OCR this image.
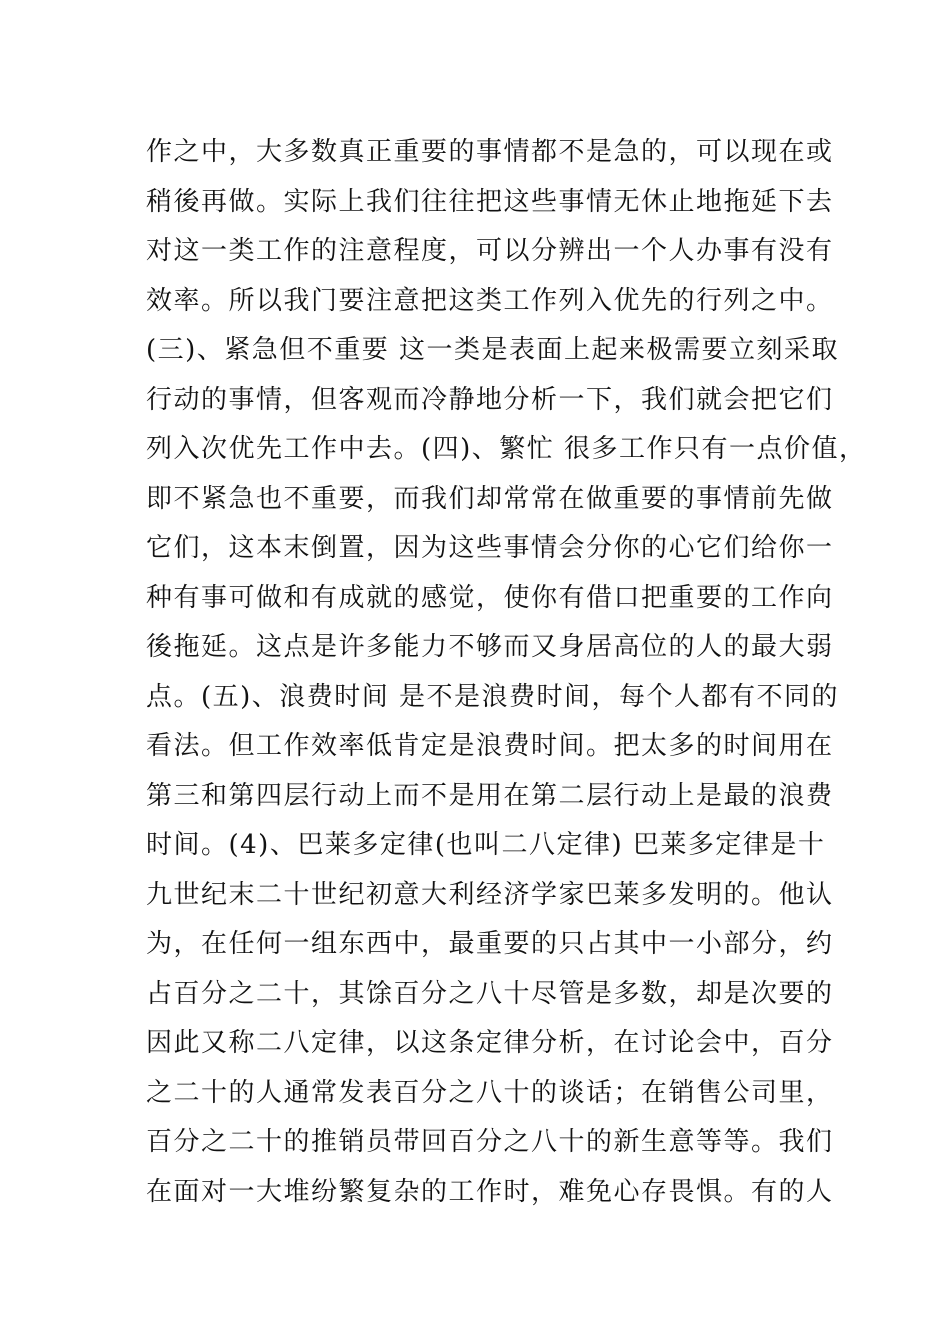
作之中，大多数真正重要的事情都不是急的，可以现在或
稍後再做。实际上我们往往把这些事情无休止地拖延下去
对这一类工作的注意程度，可以分辨出一个人办事有没有
效率。所以我门要注意把这类工作列入优先的行列之中。
(三)、紧急但不重要 这一类是表面上起来极需要立刻采取
行动的事情，但客观而冷静地分析一下，我们就会把它们
列入次优先工作中去。(四)、繁忙 很多工作只有一点价值，
即不紧急也不重要，而我们却常常在做重要的事情前先做
它们，这本末倒置，因为这些事情会分你的心它们给你一
种有事可做和有成就的感觉，使你有借口把重要的工作向
後拖延。这点是许多能力不够而又身居高位的人的最大弱
点。(五)、浪费时间 是不是浪费时间，每个人都有不同的
看法。但工作效率低肯定是浪费时间。把太多的时间用在
第三和第四层行动上而不是用在第二层行动上是最的浪费
时间。(4)、巴莱多定律(也叫二八定律) 巴莱多定律是十
九世纪末二十世纪初意大利经济学家巴莱多发明的。他认
为，在任何一组东西中，最重要的只占其中一小部分，约
占百分之二十，其馀百分之八十尽管是多数，却是次要的
因此又称二八定律，以这条定律分析，在讨论会中，百分
之二十的人通常发表百分之八十的谈话；在销售公司里，
百分之二十的推销员带回百分之八十的新生意等等。我们
在面对一大堆纷繁复杂的工作时，难免心存畏惧。有的人
